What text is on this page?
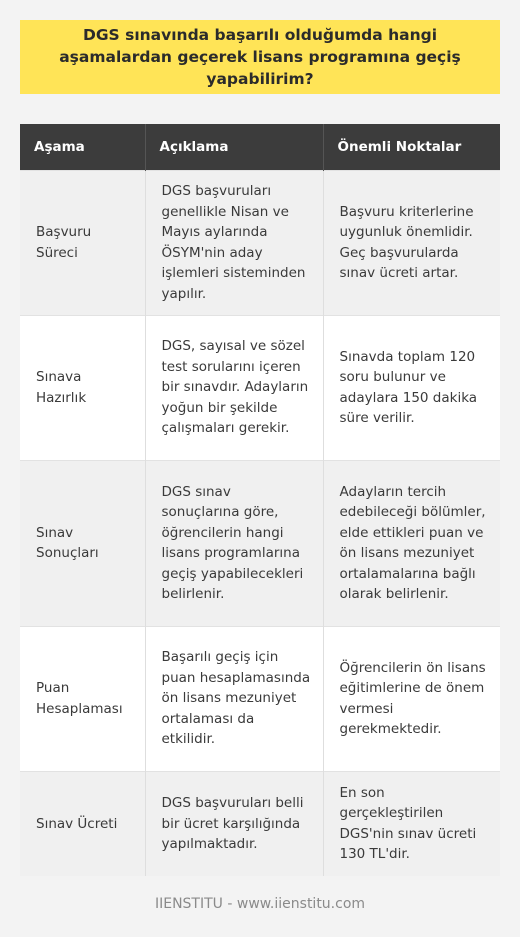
DGS sınavında başarılı olduğumda hangi aşamalardan geçerek lisans programına geçiş yapabilirim?
Aşama	Açıklama	Önemli Noktalar
Başvuru Süreci	DGS başvuruları genellikle Nisan ve Mayıs aylarında ÖSYM'nin aday işlemleri sisteminden yapılır.	Başvuru kriterlerine uygunluk önemlidir. Geç başvurularda sınav ücreti artar.
Sınava Hazırlık	DGS, sayısal ve sözel test sorularını içeren bir sınavdır. Adayların yoğun bir şekilde çalışmaları gerekir.	Sınavda toplam 120 soru bulunur ve adaylara 150 dakika süre verilir.
Sınav Sonuçları	DGS sınav sonuçlarına göre, öğrencilerin hangi lisans programlarına geçiş yapabilecekleri belirlenir.	Adayların tercih edebileceği bölümler, elde ettikleri puan ve ön lisans mezuniyet ortalamalarına bağlı olarak belirlenir.
Puan Hesaplaması	Başarılı geçiş için puan hesaplamasında ön lisans mezuniyet ortalaması da etkilidir.	Öğrencilerin ön lisans eğitimlerine de önem vermesi gerekmektedir.
Sınav Ücreti	DGS başvuruları belli bir ücret karşılığında yapılmaktadır.	En son gerçekleştirilen DGS'nin sınav ücreti 130 TL'dir.
IIENSTITU - www.iienstitu.com
